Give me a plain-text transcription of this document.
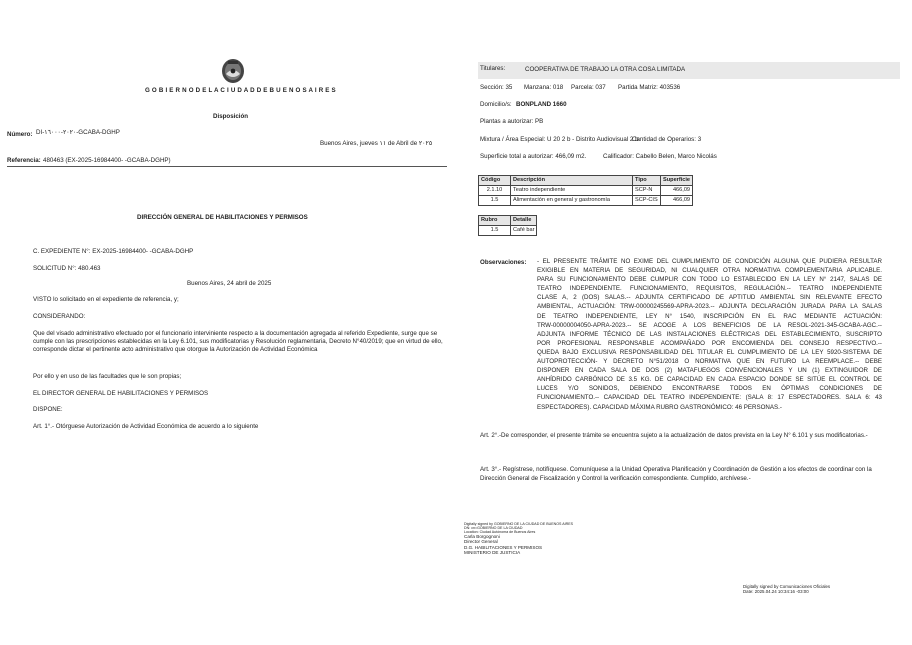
G O B I E R N O D E L A C I U D A D D E B U E N O S A I R E S
Disposición
Número: DI-٢٠٢٠-١٦٠٠٠-GCABA-DGHP
Buenos Aires, jueves ١١ de Abril de ٢٠٢٥
Referencia: 480463 (EX-2025-16984400- -GCABA-DGHP)
DIRECCIÓN GENERAL DE HABILITACIONES Y PERMISOS
C. EXPEDIENTE N°: EX-2025-16984400- -GCABA-DGHP
SOLICITUD N°: 480.463
Buenos Aires, 24 abril de 2025
VISTO lo solicitado en el expediente de referencia, y;
CONSIDERANDO:
Que del visado administrativo efectuado por el funcionario interviniente respecto a la documentación agregada al referido Expediente, surge que se cumple con las prescripciones establecidas en la Ley 6.101, sus modificatorias y Resolución reglamentaria, Decreto N°40/2019; que en virtud de ello, corresponde dictar el pertinente acto administrativo que otorgue la Autorización de Actividad Económica
Por ello y en uso de las facultades que le son propias;
EL DIRECTOR GENERAL DE HABILITACIONES Y PERMISOS
DISPONE:
Art. 1°.- Otórguese Autorización de Actividad Económica de acuerdo a lo siguiente
Titulares:	COOPERATIVA DE TRABAJO LA OTRA COSA LIMITADA
Sección: 35 Manzana: 018 Parcela: 037 Partida Matriz: 403536
Domicilio/s: BONPLAND 1660
Plantas a autorizar: PB
Mixtura / Área Especial: U 20 2 b - Distrito Audiovisual 2 b
Cantidad de Operarios: 3
Superficie total a autorizar: 466,09 m2.	Calificador: Cabello Belen, Marco Nicolás
Código	Descripción	Tipo	Superficie
2.1.10	Teatro independiente	SCP-N	466,09
1.5	Alimentación en general y gastronomía	SCP-CIS	466,09
Rubro	Detalle
1.5	Café bar
Observaciones: - EL PRESENTE TRÁMITE NO EXIME DEL CUMPLIMIENTO DE CONDICIÓN ALGUNA QUE PUDIERA RESULTAR
EXIGIBLE EN MATERIA DE SEGURIDAD, NI CUALQUIER OTRA NORMATIVA COMPLEMENTARIA APLICABLE.
PARA SU FUNCIONAMIENTO DEBE CUMPLIR CON TODO LO ESTABLECIDO EN LA LEY N° 2147, SALAS DE
TEATRO INDEPENDIENTE. FUNCIONAMIENTO, REQUISITOS, REGULACIÓN.-- TEATRO INDEPENDIENTE
CLASE A, 2 (DOS) SALAS.-- ADJUNTA CERTIFICADO DE APTITUD AMBIENTAL SIN RELEVANTE EFECTO
AMBIENTAL, ACTUACIÓN: TRW-00000245569-APRA-2023.-- ADJUNTA DECLARACIÓN JURADA PARA LA SALAS
DE TEATRO INDEPENDIENTE, LEY N° 1540, INSCRIPCIÓN EN EL RAC MEDIANTE ACTUACIÓN:
TRW-00000004050-APRA-2023.-- SE ACOGE A LOS BENEFICIOS DE LA RESOL-2021-345-GCABA-AGC.--
ADJUNTA INFORME TÉCNICO DE LAS INSTALACIONES ELÉCTRICAS DEL ESTABLECIMIENTO, SUSCRIPTO
POR PROFESIONAL RESPONSABLE ACOMPAÑADO POR ENCOMIENDA DEL CONSEJO RESPECTIVO.--
QUEDA BAJO EXCLUSIVA RESPONSABILIDAD DEL TITULAR EL CUMPLIMIENTO DE LA LEY 5920-SISTEMA DE
AUTOPROTECCIÓN- Y DECRETO N°51/2018 O NORMATIVA QUE EN FUTURO LA REEMPLACE.-- DEBE
DISPONER EN CADA SALA DE DOS (2) MATAFUEGOS CONVENCIONALES Y UN (1) EXTINGUIDOR DE
ANHÍDRIDO CARBÓNICO DE 3.5 KG. DE CAPACIDAD EN CADA ESPACIO DONDE SE SITÚE EL CONTROL DE
LUCES Y/O SONIDOS, DEBIENDO ENCONTRARSE TODOS EN ÓPTIMAS CONDICIONES DE
FUNCIONAMIENTO.-- CAPACIDAD DEL TEATRO INDEPENDIENTE: (SALA 8: 17 ESPECTADORES. SALA 6: 43
ESPECTADORES). CAPACIDAD MÁXIMA RUBRO GASTRONÓMICO: 46 PERSONAS.-
Art. 2°.-De corresponder, el presente trámite se encuentra sujeto a la actualización de datos prevista en la Ley N° 6.101 y sus modificatorias.-
Art. 3°.- Regístrese, notifíquese. Comuníquese a la Unidad Operativa Planificación y Coordinación de Gestión a los efectos de coordinar con la Dirección General de Fiscalización y Control la verificación correspondiente. Cumplido, archívese.-
Digitally signed by GOBIERNO DE LA CIUDAD DE BUENOS AIRES
DN: cn=GOBIERNO DE LA CIUDAD
Location: Ciudad Autónoma de Buenos Aires
Carla Borgognoni
Director General
D.G. HABILITACIONES Y PERMISOS
MINISTERIO DE JUSTICIA
Digitally signed by Comunicaciones Oficiales
Date: 2025.04.24 10:34:16 -03:00
